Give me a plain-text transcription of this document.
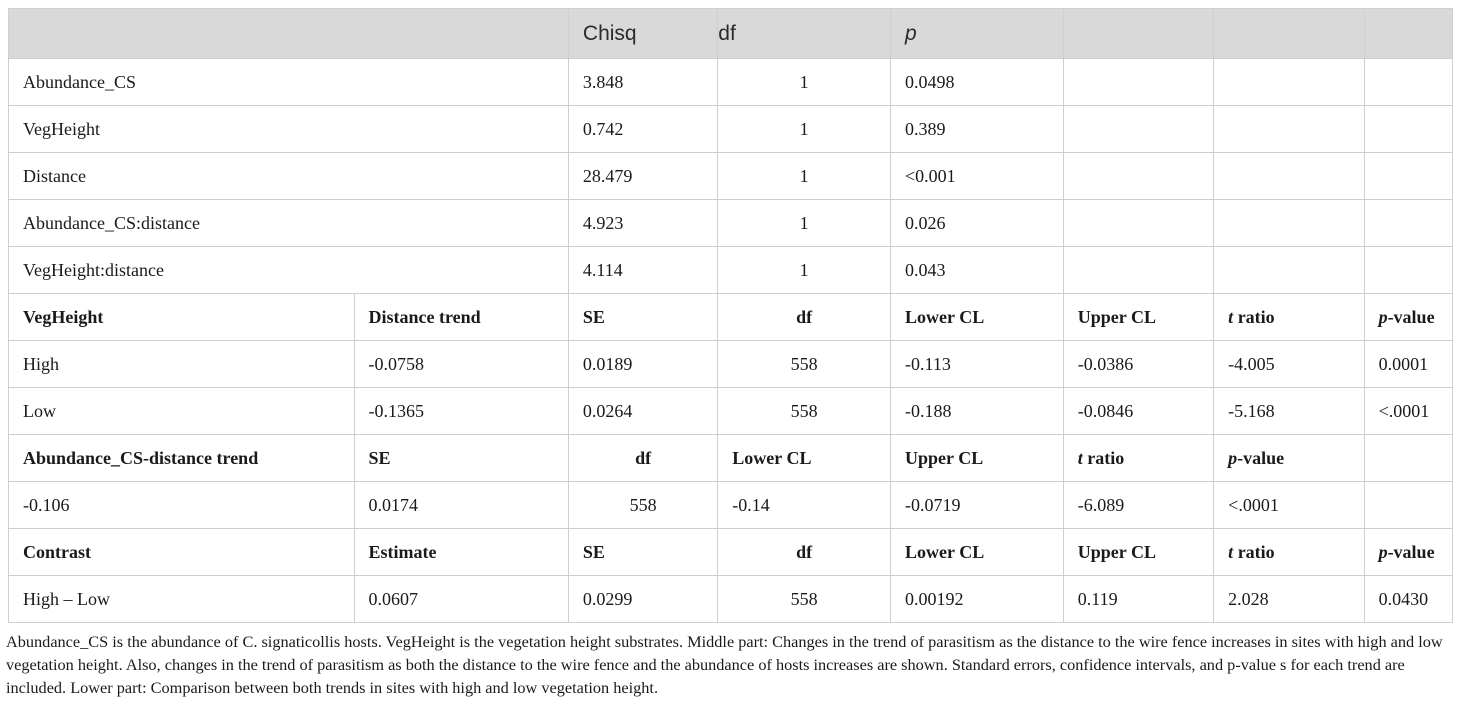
		Chisq	df	p			
Abundance_CS		3.848	1	0.0498			
VegHeight		0.742	1	0.389			
Distance		28.479	1	<0.001			
Abundance_CS:distance		4.923	1	0.026			
VegHeight:distance		4.114	1	0.043			
VegHeight	Distance trend	SE	df	Lower CL	Upper CL	t ratio	p-value
High	-0.0758	0.0189	558	-0.113	-0.0386	-4.005	0.0001
Low	-0.1365	0.0264	558	-0.188	-0.0846	-5.168	<.0001
Abundance_CS-distance trend	SE	df	Lower CL	Upper CL	t ratio	p-value	
-0.106	0.0174	558	-0.14	-0.0719	-6.089	<.0001	
Contrast	Estimate	SE	df	Lower CL	Upper CL	t ratio	p-value
High – Low	0.0607	0.0299	558	0.00192	0.119	2.028	0.0430
Abundance_CS is the abundance of C. signaticollis hosts. VegHeight is the vegetation height substrates. Middle part: Changes in the trend of parasitism as the distance to the wire fence increases in sites with high and low vegetation height. Also, changes in the trend of parasitism as both the distance to the wire fence and the abundance of hosts increases are shown. Standard errors, confidence intervals, and p-value s for each trend are included. Lower part: Comparison between both trends in sites with high and low vegetation height.
